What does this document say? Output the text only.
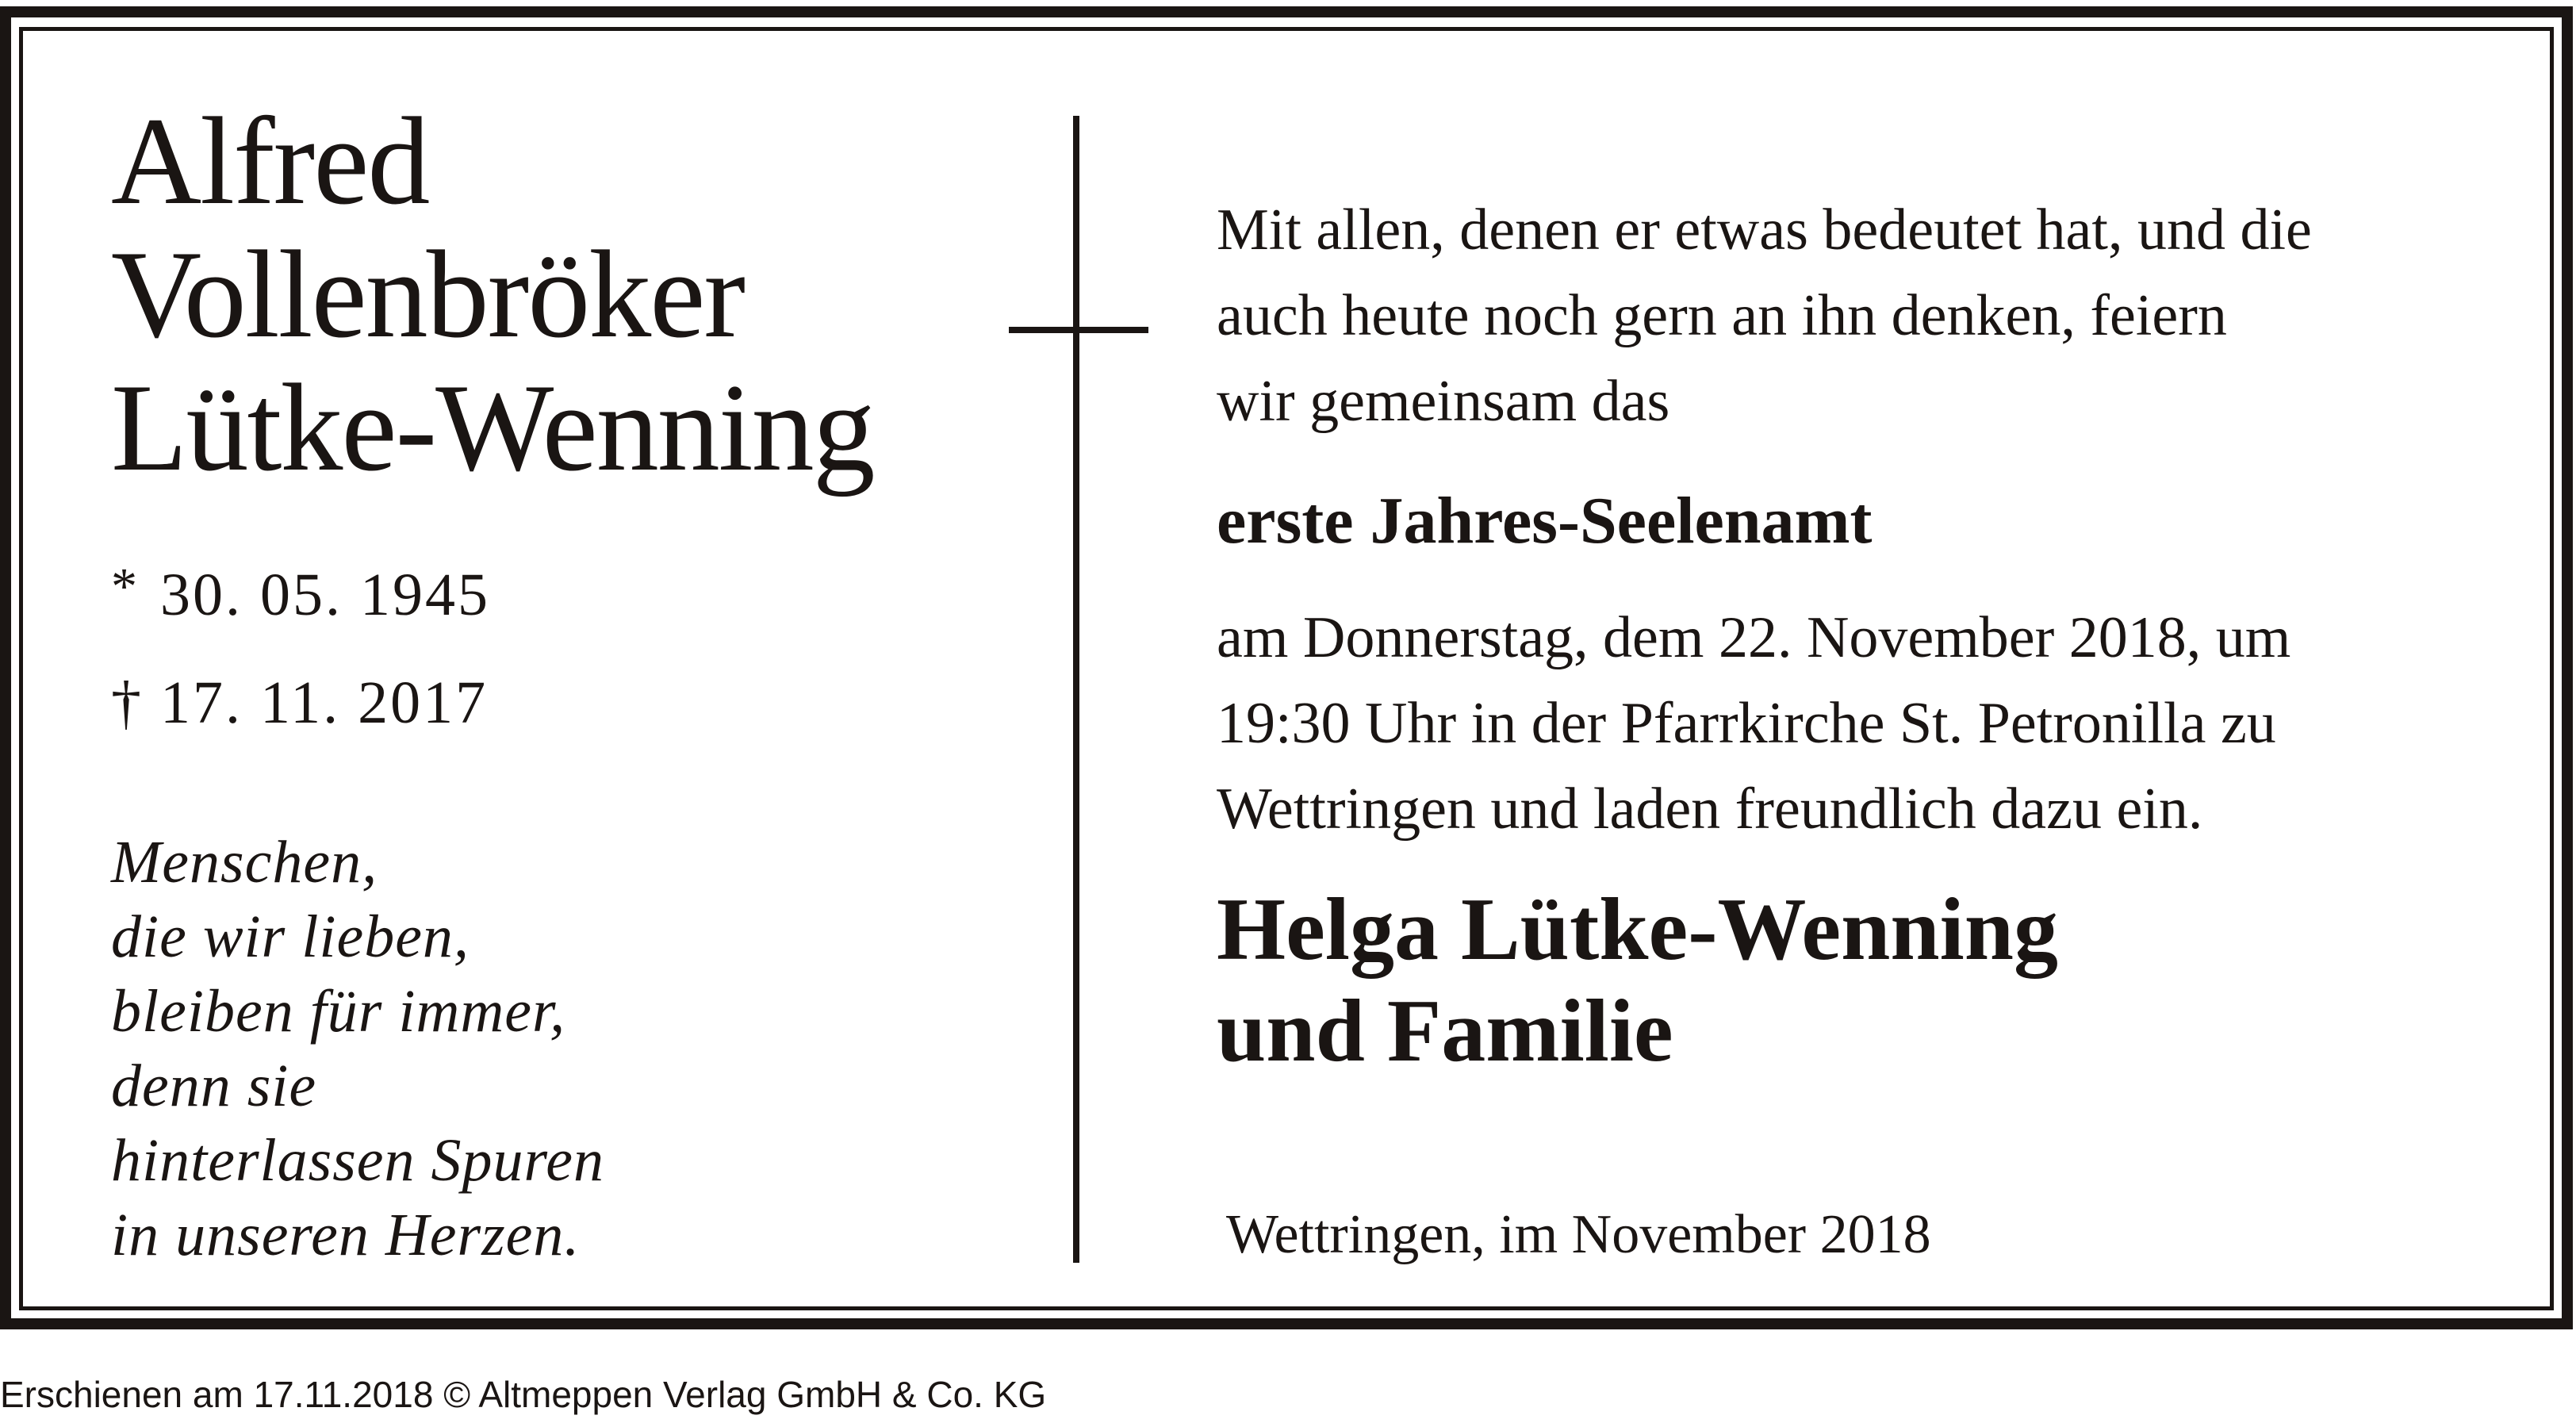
Alfred
Vollenbröker
Lütke-Wenning
* 30. 05. 1945
† 17. 11. 2017
Menschen,
die wir lieben,
bleiben für immer,
denn sie
hinterlassen Spuren
in unseren Herzen.
Mit allen, denen er etwas bedeutet hat, und die
auch heute noch gern an ihn denken, feiern
wir gemeinsam das
erste Jahres-Seelenamt
am Donnerstag, dem 22. November 2018, um
19:30 Uhr in der Pfarrkirche St. Petronilla zu
Wettringen und laden freundlich dazu ein.
Helga Lütke-Wenning
und Familie
Wettringen, im November 2018
Erschienen am 17.11.2018 © Altmeppen Verlag GmbH & Co. KG
